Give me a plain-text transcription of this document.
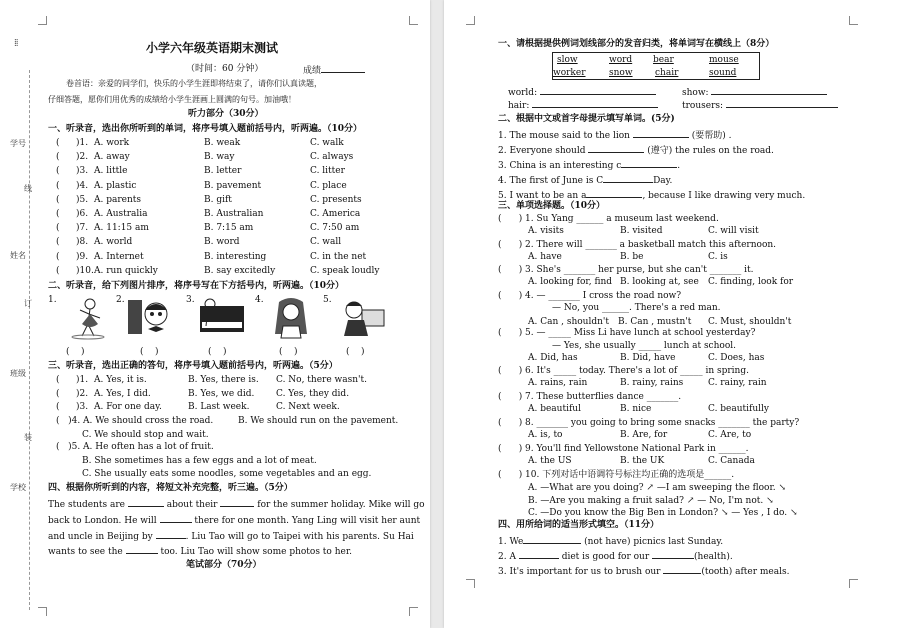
⁞⁞
学号
线
姓名
订
班级
装
学校
小学六年级英语期末测试
（时间：60 分钟）	成绩
卷首语：亲爱的同学们，快乐的小学生涯即将结束了，请你们认真读题，
仔细答题，愿你们用优秀的成绩给小学生涯画上圆满的句号。加油哦！
听力部分（30分）
一、听录音，选出你所听到的单词，将序号填入题前括号内，听两遍。（10分）
( )1. A. work	B. weak	C. walk
( )2. A. away	B. way	C. always
( )3. A. little	B. letter	C. litter
( )4. A. plastic	B. pavement	C. place
( )5. A. parents	B. gift	C. presents
( )6. A. Australia	B. Australian	C. America
( )7. A. 11:15 am	B. 7:15 am	C. 7:50 am
( )8. A. world	B. word	C. wall
( )9. A. Internet	B. interesting	C. in the net
( )10. A. run quickly	B. say excitedly	C. speak loudly
二、听录音，给下列图片排序，将序号写在下方括号内，听两遍。（10分）
1.	2.	3.	4.	5.
(    )	(    )	(    )	(    )	(    )
三、听录音，选出正确的答句，将序号填入题前括号内，听两遍。（5分）
( )1. A. Yes, it is.	B. Yes, there is. C. No, there wasn't.
( )2. A. Yes, I did.	B. Yes, we did. C. Yes, they did.
( )3. A. For one day.	B. Last week.	C. Next week.
(   )4. A. We should cross the road.	B. We should run on the pavement.
C. We should stop and wait.
(   )5. A. He often has a lot of fruit.
B. She sometimes has a few eggs and a lot of meat.
C. She usually eats some noodles, some vegetables and an egg.
四、根据你所听到的内容，将短文补充完整，听三遍。（5分）
The students are	about their	for the summer holiday. Mike will go
back to London. He will	there for one month. Yang Ling will visit her aunt
and uncle in Beijing by	. Liu Tao will go to Taipei with his parents. Su Hai
wants to see the	too. Liu Tao will show some photos to her.
笔试部分（70分）
一、请根据提供例词划线部分的发音归类，将单词写在横线上（8分）
slow	word bear	mouse
worker	snow chair	sound
world:	show:
hair:	trousers:
二、根据中文或首字母提示填写单词。(5分)
1. The mouse said to the lion	(要帮助) .
2. Everyone should	(遵守) the rules on the road.
3. China is an interesting c	.
4. The first of June is C	Day.
5. I want to be an a	, because I like drawing very much.
三、单项选择题。（10分）
(      ) 1. Su Yang ______ a museum last weekend.
A. visits	B. visited	C. will visit
(      ) 2. There will _______ a basketball match this afternoon.
A. have	B. be	C. is
(      ) 3. She's _______ her purse, but she can't _______ it.
A. looking for, find B. looking at, see C. finding, look for
(      ) 4. — _______ I cross the road now?
— No, you ______. There's a red man.
A. Can , shouldn't B. Can , mustn't C. Must, shouldn't
(      ) 5. — _____ Miss Li have lunch at school yesterday?
— Yes, she usually _____ lunch at school.
A. Did, has	B. Did, have	C. Does, has
(      ) 6. It's _____ today. There's a lot of _____ in spring.
A. rains, rain	B. rainy, rains	C. rainy, rain
(      ) 7. These butterflies dance _______.
A. beautiful	B. nice	C. beautifully
(      ) 8. _______ you going to bring some snacks _______ the party?
A. is, to	B. Are, for	C. Are, to
(      ) 9. You'll find Yellowstone National Park in ______.
A. the US	B. the UK	C. Canada
(      ) 10. 下列对话中语调符号标注均正确的选项是______.
A. —What are you doing? ↗ —I am sweeping the floor. ↘
B. —Are you making a fruit salad? ↗ — No, I'm not. ↘
C. —Do you know the Big Ben in London? ↘ — Yes , I do. ↘
四、用所给词的适当形式填空。（11分）
1. We	(not have) picnics last Sunday.
2. A	diet is good for our	(health).
3. It's important for us to brush our	(tooth) after meals.
